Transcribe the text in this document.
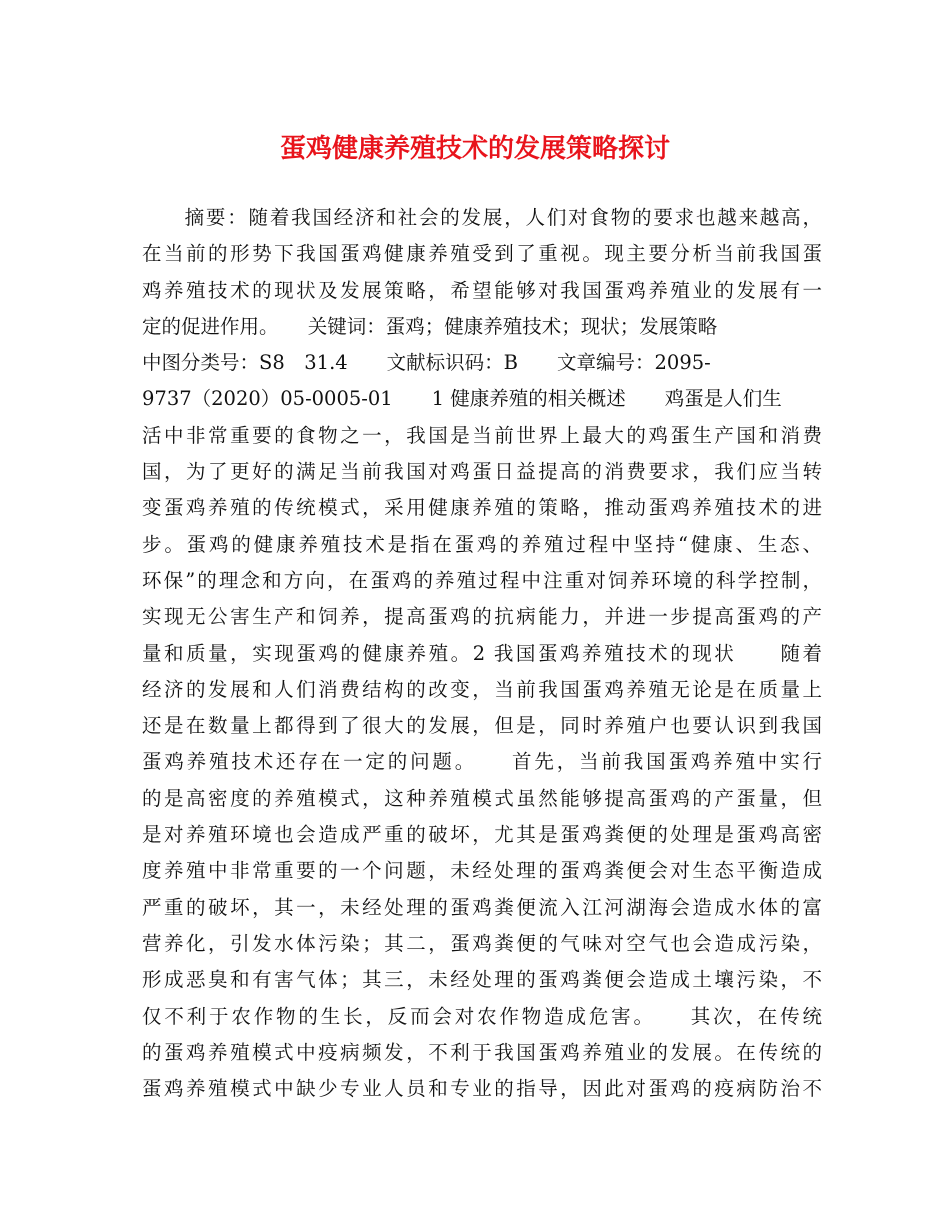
蛋鸡健康养殖技术的发展策略探讨
　　摘要：随着我国经济和社会的发展，人们对食物的要求也越来越高，
在当前的形势下我国蛋鸡健康养殖受到了重视。现主要分析当前我国蛋
鸡养殖技术的现状及发展策略，希望能够对我国蛋鸡养殖业的发展有一
定的促进作用。　　关键词：蛋鸡；健康养殖技术；现状；发展策略　　
中图分类号：S8　31.4　　文献标识码：B　　文章编号：2095-
9737（2020）05-0005-01　　1 健康养殖的相关概述　　鸡蛋是人们生
活中非常重要的食物之一，我国是当前世界上最大的鸡蛋生产国和消费
国，为了更好的满足当前我国对鸡蛋日益提高的消费要求，我们应当转
变蛋鸡养殖的传统模式，采用健康养殖的策略，推动蛋鸡养殖技术的进
步。蛋鸡的健康养殖技术是指在蛋鸡的养殖过程中坚持“健康、生态、
环保”的理念和方向，在蛋鸡的养殖过程中注重对饲养环境的科学控制，
实现无公害生产和饲养，提高蛋鸡的抗病能力，并进一步提高蛋鸡的产
量和质量，实现蛋鸡的健康养殖。2 我国蛋鸡养殖技术的现状　　随着
经济的发展和人们消费结构的改变，当前我国蛋鸡养殖无论是在质量上
还是在数量上都得到了很大的发展，但是，同时养殖户也要认识到我国
蛋鸡养殖技术还存在一定的问题。　　首先，当前我国蛋鸡养殖中实行
的是高密度的养殖模式，这种养殖模式虽然能够提高蛋鸡的产蛋量，但
是对养殖环境也会造成严重的破坏，尤其是蛋鸡粪便的处理是蛋鸡高密
度养殖中非常重要的一个问题，未经处理的蛋鸡粪便会对生态平衡造成
严重的破坏，其一，未经处理的蛋鸡粪便流入江河湖海会造成水体的富
营养化，引发水体污染；其二，蛋鸡粪便的气味对空气也会造成污染，
形成恶臭和有害气体；其三，未经处理的蛋鸡粪便会造成土壤污染，不
仅不利于农作物的生长，反而会对农作物造成危害。　　其次，在传统
的蛋鸡养殖模式中疫病频发，不利于我国蛋鸡养殖业的发展。在传统的
蛋鸡养殖模式中缺少专业人员和专业的指导，因此对蛋鸡的疫病防治不
